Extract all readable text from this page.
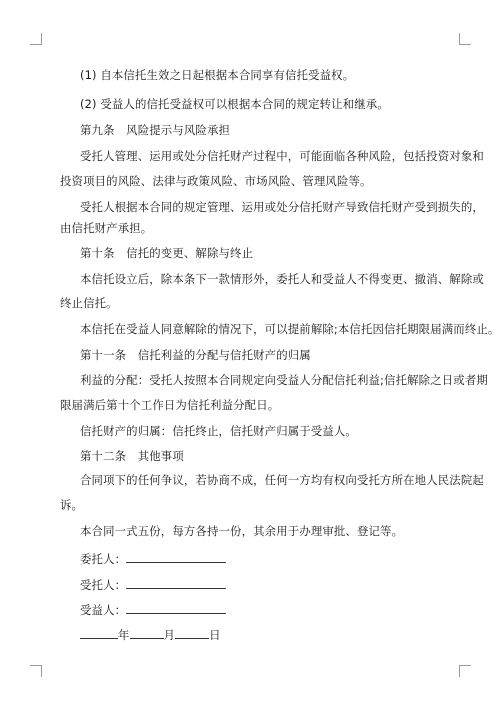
(1) 自本信托生效之日起根据本合同享有信托受益权。
(2) 受益人的信托受益权可以根据本合同的规定转让和继承。
第九条　风险提示与风险承担
受托人管理、运用或处分信托财产过程中，可能面临各种风险，包括投资对象和
投资项目的风险、法律与政策风险、市场风险、管理风险等。
受托人根据本合同的规定管理、运用或处分信托财产导致信托财产受到损失的，
由信托财产承担。
第十条　信托的变更、解除与终止
本信托设立后，除本条下一款情形外，委托人和受益人不得变更、撤消、解除或
终止信托。
本信托在受益人同意解除的情况下，可以提前解除;本信托因信托期限届满而终止。
第十一条　信托利益的分配与信托财产的归属
利益的分配：受托人按照本合同规定向受益人分配信托利益;信托解除之日或者期
限届满后第十个工作日为信托利益分配日。
信托财产的归属：信托终止，信托财产归属于受益人。
第十二条　其他事项
合同项下的任何争议，若协商不成，任何一方均有权向受托方所在地人民法院起
诉。
本合同一式五份，每方各持一份，其余用于办理审批、登记等。
委托人：
受托人：
受益人：
年	月	日
